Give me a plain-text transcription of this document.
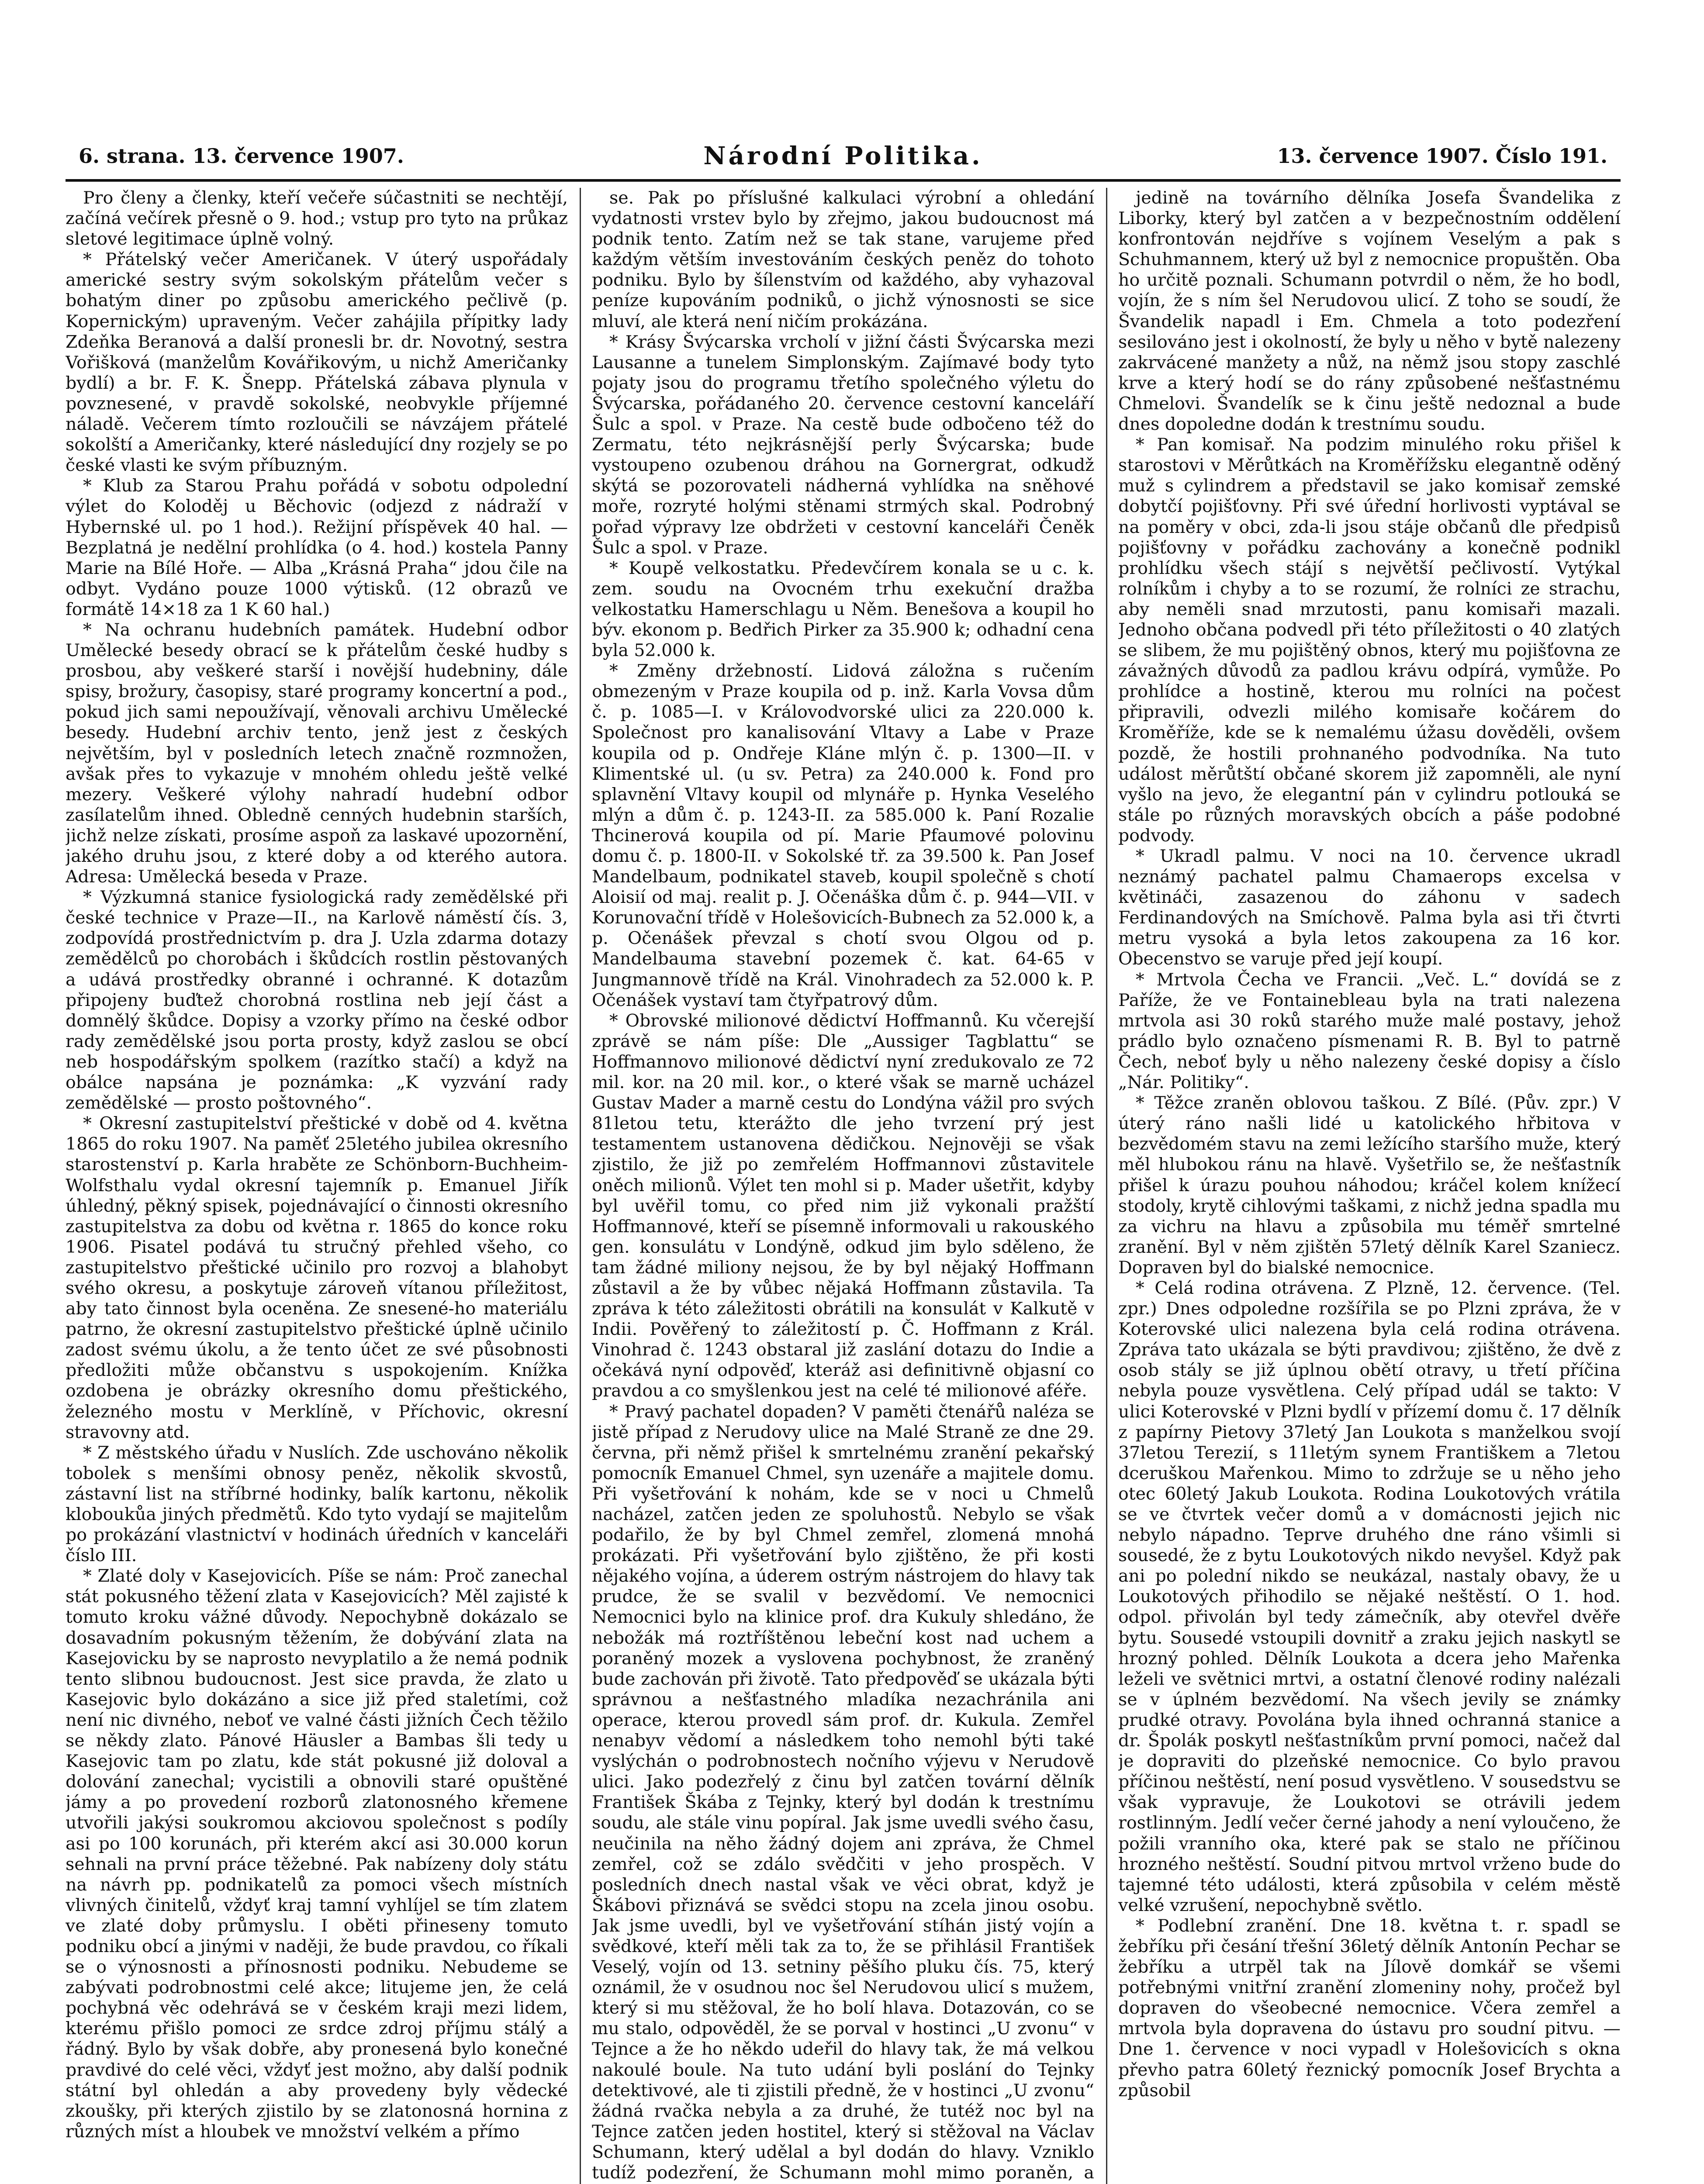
6. strana. 13. července 1907.	Národní Politika.	13. července 1907. Číslo 191.

Pro členy a členky, kteří večeře súčastniti se nechtějí, začíná večírek přesně o 9. hod.; vstup pro tyto na průkaz sletové legitimace úplně volný.

* Přátelský večer Američanek. V úterý uspořádaly americké sestry svým sokolským přátelům večer s bohatým diner po způsobu amerického pečlivě (p. Kopernickým) upraveným. Večer zahájila přípitky lady Zdeňka Beranová a další pronesli br. dr. Novotný, sestra Vořišková (manželům Kovářikovým, u nichž Američanky bydlí) a br. F. K. Šnepp. Přátelská zábava plynula v povznesené, v pravdě sokolské, neobvykle příjemné náladě. Večerem tímto rozloučili se návzájem přátelé sokolští a Američanky, které následující dny rozjely se po české vlasti ke svým příbuzným.

* Klub za Starou Prahu pořádá v sobotu odpolední výlet do Koloděj u Běchovic (odjezd z nádraží v Hybernské ul. po 1 hod.). Režijní příspěvek 40 hal. — Bezplatná je nedělní prohlídka (o 4. hod.) kostela Panny Marie na Bílé Hoře. — Alba „Krásná Praha“ jdou čile na odbyt. Vydáno pouze 1000 výtisků. (12 obrazů ve formátě 14×18 za 1 K 60 hal.)

* Na ochranu hudebních památek. Hudební odbor Umělecké besedy obrací se k přátelům české hudby s prosbou, aby veškeré starší i novější hudebniny, dále spisy, brožury, časopisy, staré programy koncertní a pod., pokud jich sami nepoužívají, věnovali archivu Umělecké besedy. Hudební archiv tento, jenž jest z českých největším, byl v posledních letech značně rozmnožen, avšak přes to vykazuje v mnohém ohledu ještě velké mezery. Veškeré výlohy nahradí hudební odbor zasílatelům ihned. Obledně cenných hudebnin starších, jichž nelze získati, prosíme aspoň za laskavé upozornění, jakého druhu jsou, z které doby a od kterého autora. Adresa: Umělecká beseda v Praze.

* Výzkumná stanice fysiologická rady zemědělské při české technice v Praze—II., na Karlově náměstí čís. 3, zodpovídá prostřednictvím p. dra J. Uzla zdarma dotazy zemědělců po chorobách i škůdcích rostlin pěstovaných a udává prostředky obranné i ochranné. K dotazům připojeny buďtež chorobná rostlina neb její část a domnělý škůdce. Dopisy a vzorky přímo na české odbor rady zemědělské jsou porta prosty, když zaslou se obcí neb hospodářským spolkem (razítko stačí) a když na obálce napsána je poznámka: „K vyzvání rady zemědělské — prosto poštovného“.

* Okresní zastupitelství přeštické v době od 4. května 1865 do roku 1907. Na paměť 25letého jubilea okresního starostenství p. Karla hraběte ze Schönborn-Buchheim-Wolfsthalu vydal okresní tajemník p. Emanuel Jiřík úhledný, pěkný spisek, pojednávající o činnosti okresního zastupitelstva za dobu od května r. 1865 do konce roku 1906. Pisatel podává tu stručný přehled všeho, co zastupitelstvo přeštické učinilo pro rozvoj a blahobyt svého okresu, a poskytuje zároveň vítanou příležitost, aby tato činnost byla oceněna. Ze snesené-ho materiálu patrno, že okresní zastupitelstvo přeštické úplně učinilo zadost svému úkolu, a že tento účet ze své působnosti předložiti může občanstvu s uspokojením. Knížka ozdobena je obrázky okresního domu přeštického, železného mostu v Merklíně, v Příchovic, okresní stravovny atd.

* Z městského úřadu v Nuslích. Zde uschováno několik tobolek s menšími obnosy peněz, několik skvostů, zástavní list na stříbrné hodinky, balík kartonu, několik kloboukůa jiných předmětů. Kdo tyto vydají se majitelům po prokázání vlastnictví v hodinách úředních v kanceláři číslo III.

* Zlaté doly v Kasejovicích. Píše se nám: Proč zanechal stát pokusného těžení zlata v Kasejovicích? Měl zajisté k tomuto kroku vážné důvody. Nepochybně dokázalo se dosavadním pokusným těžením, že dobývání zlata na Kasejovicku by se naprosto nevyplatilo a že nemá podnik tento slibnou budoucnost. Jest sice pravda, že zlato u Kasejovic bylo dokázáno a sice již před staletími, což není nic divného, neboť ve valné části jižních Čech těžilo se někdy zlato. Pánové Häusler a Bambas šli tedy u Kasejovic tam po zlatu, kde stát pokusné již doloval a dolování zanechal; vycistili a obnovili staré opuštěné jámy a po provedení rozborů zlatonosného křemene utvořili jakýsi soukromou akciovou společnost s podíly asi po 100 korunách, při kterém akcí asi 30.000 korun sehnali na první práce těžebné. Pak nabízeny doly státu na návrh pp. podnikatelů za pomoci všech místních vlivných činitelů, vždyť kraj tamní vyhlíjel se tím zlatem ve zlaté doby průmyslu. I oběti přineseny tomuto podniku obcí a jinými v naději, že bude pravdou, co říkali se o výnosnosti a přínosnosti podniku. Nebudeme se zabývati podrobnostmi celé akce; litujeme jen, že celá pochybná věc odehrává se v českém kraji mezi lidem, kterému přišlo pomoci ze srdce zdroj příjmu stálý a řádný. Bylo by však dobře, aby pronesená bylo konečné pravdivé do celé věci, vždyť jest možno, aby další podnik státní byl ohledán a aby provedeny byly vědecké zkoušky, při kterých zjistilo by se zlatonosná hornina z různých míst a hloubek ve množství velkém a přímo

se. Pak po příslušné kalkulaci výrobní a ohledání vydatnosti vrstev bylo by zřejmo, jakou budoucnost má podnik tento. Zatím než se tak stane, varujeme před každým větším investováním českých peněz do tohoto podniku. Bylo by šílenstvím od každého, aby vyhazoval peníze kupováním podniků, o jichž výnosnosti se sice mluví, ale která není ničím prokázána.

* Krásy Švýcarska vrcholí v jižní části Švýcarska mezi Lausanne a tunelem Simplonským. Zajímavé body tyto pojaty jsou do programu třetího společného výletu do Švýcarska, pořádaného 20. července cestovní kanceláří Šulc a spol. v Praze. Na cestě bude odbočeno též do Zermatu, této nejkrásnější perly Švýcarska; bude vystoupeno ozubenou dráhou na Gornergrat, odkudž skýtá se pozorovateli nádherná vyhlídka na sněhové moře, rozryté holými stěnami strmých skal. Podrobný pořad výpravy lze obdržeti v cestovní kanceláři Čeněk Šulc a spol. v Praze.

* Koupě velkostatku. Předevčírem konala se u c. k. zem. soudu na Ovocném trhu exekuční dražba velkostatku Hamerschlagu u Něm. Benešova a koupil ho býv. ekonom p. Bedřich Pirker za 35.900 k; odhadní cena byla 52.000 k.

* Změny držebností. Lidová záložna s ručením obmezeným v Praze koupila od p. inž. Karla Vovsa dům č. p. 1085—I. v Královodvorské ulici za 220.000 k. Společnost pro kanalisování Vltavy a Labe v Praze koupila od p. Ondřeje Kláne mlýn č. p. 1300—II. v Klimentské ul. (u sv. Petra) za 240.000 k. Fond pro splavnění Vltavy koupil od mlynáře p. Hynka Veselého mlýn a dům č. p. 1243-II. za 585.000 k. Paní Rozalie Thcinerová koupila od pí. Marie Pfaumové polovinu domu č. p. 1800-II. v Sokolské tř. za 39.500 k. Pan Josef Mandelbaum, podnikatel staveb, koupil společně s chotí Aloisií od maj. realit p. J. Očenáška dům č. p. 944—VII. v Korunovační třídě v Holešovicích-Bubnech za 52.000 k, a p. Očenášek převzal s chotí svou Olgou od p. Mandelbauma stavební pozemek č. kat. 64-65 v Jungmannově třídě na Král. Vinohradech za 52.000 k. P. Očenášek vystaví tam čtyřpatrový dům.

* Obrovské milionové dědictví Hoffmannů. Ku včerejší zprávě se nám píše: Dle „Aussiger Tagblattu“ se Hoffmannovo milionové dědictví nyní zredukovalo ze 72 mil. kor. na 20 mil. kor., o které však se marně ucházel Gustav Mader a marně cestu do Londýna vážil pro svých 81letou tetu, kterážto dle jeho tvrzení prý jest testamentem ustanovena dědičkou. Nejnověji se však zjistilo, že již po zemřelém Hoffmannovi zůstavitele oněch milionů. Výlet ten mohl si p. Mader ušetřit, kdyby byl uvěřil tomu, co před nim již vykonali pražští Hoffmannové, kteří se písemně informovali u rakouského gen. konsulátu v Londýně, odkud jim bylo sděleno, že tam žádné miliony nejsou, že by byl nějaký Hoffmann zůstavil a že by vůbec nějaká Hoffmann zůstavila. Ta zpráva k této záležitosti obrátili na konsulát v Kalkutě v Indii. Pověřený to záležitostí p. Č. Hoffmann z Král. Vinohrad č. 1243 obstaral již zaslání dotazu do Indie a očekává nyní odpověď, kteráž asi definitivně objasní co pravdou a co smyšlenkou jest na celé té milionové aféře.

* Pravý pachatel dopaden? V paměti čtenářů naléza se jistě případ z Nerudovy ulice na Malé Straně ze dne 29. června, při němž přišel k smrtelnému zranění pekařský pomocník Emanuel Chmel, syn uzenáře a majitele domu. Při vyšetřování k nohám, kde se v noci u Chmelů nacházel, zatčen jeden ze spoluhostů. Nebylo se však podařilo, že by byl Chmel zemřel, zlomená mnohá prokázati. Při vyšetřování bylo zjištěno, že při kosti nějakého vojína, a úderem ostrým nástrojem do hlavy tak prudce, že se svalil v bezvědomí. Ve nemocnici Nemocnici bylo na klinice prof. dra Kukuly shledáno, že nebožák má roztříštěnou lebeční kost nad uchem a poraněný mozek a vyslovena pochybnost, že zraněný bude zachován při životě. Tato předpověď se ukázala býti správnou a nešťastného mladíka nezachránila ani operace, kterou provedl sám prof. dr. Kukula. Zemřel nenabyv vědomí a následkem toho nemohl býti také vyslýchán o podrobnostech nočního výjevu v Nerudově ulici. Jako podezřelý z činu byl zatčen tovární dělník František Škába z Tejnky, který byl dodán k trestnímu soudu, ale stále vinu popíral. Jak jsme uvedli svého času, neučinila na něho žádný dojem ani zpráva, že Chmel zemřel, což se zdálo svědčiti v jeho prospěch. V posledních dnech nastal však ve věci obrat, když je Škábovi přiznává se svědci stopu na zcela jinou osobu. Jak jsme uvedli, byl ve vyšetřování stíhán jistý vojín a svědkové, kteří měli tak za to, že se přihlásil František Veselý, vojín od 13. setniny pěšího pluku čís. 75, který oznámil, že v osudnou noc šel Nerudovou ulicí s mužem, který si mu stěžoval, že ho bolí hlava. Dotazován, co se mu stalo, odpověděl, že se porval v hostinci „U zvonu“ v Tejnce a že ho někdo udeřil do hlavy tak, že má velkou nakoulé boule. Na tuto udání byli poslání do Tejnky detektivové, ale ti zjistili předně, že v hostinci „U zvonu“ žádná rvačka nebyla a za druhé, že tutéž noc byl na Tejnce zatčen jeden hostitel, který si stěžoval na Václav Schumann, který udělal a byl dodán do hlavy. Vzniklo tudíž podezření, že Schumann mohl mimo poraněn, a

jedině na továrního dělníka Josefa Švandelika z Liborky, který byl zatčen a v bezpečnostním oddělení konfrontován nejdříve s vojínem Veselým a pak s Schuhmannem, který už byl z nemocnice propuštěn. Oba ho určitě poznali. Schumann potvrdil o něm, že ho bodl, vojín, že s ním šel Nerudovou ulicí. Z toho se soudí, že Švandelik napadl i Em. Chmela a toto podezření sesilováno jest i okolností, že byly u něho v bytě nalezeny zakrvácené manžety a nůž, na němž jsou stopy zaschlé krve a který hodí se do rány způsobené nešťastnému Chmelovi. Švandelík se k činu ještě nedoznal a bude dnes dopoledne dodán k trestnímu soudu.

* Pan komisař. Na podzim minulého roku přišel k starostovi v Měrůtkách na Kroměřížsku elegantně oděný muž s cylindrem a představil se jako komisař zemské dobytčí pojišťovny. Při své úřední horlivosti vyptával se na poměry v obci, zda-li jsou stáje občanů dle předpisů pojišťovny v pořádku zachovány a konečně podnikl prohlídku všech stájí s největší pečlivostí. Vytýkal rolníkům i chyby a to se rozumí, že rolníci ze strachu, aby neměli snad mrzutosti, panu komisaři mazali. Jednoho občana podvedl při této příležitosti o 40 zlatých se slibem, že mu pojištěný obnos, který mu pojišťovna ze závažných důvodů za padlou krávu odpírá, vymůže. Po prohlídce a hostině, kterou mu rolníci na počest připravili, odvezli milého komisaře kočárem do Kroměříže, kde se k nemalému úžasu dověděli, ovšem pozdě, že hostili prohnaného podvodníka. Na tuto událost měrůtští občané skorem již zapomněli, ale nyní vyšlo na jevo, že elegantní pán v cylindru potlouká se stále po různých moravských obcích a páše podobné podvody.

* Ukradl palmu. V noci na 10. července ukradl neznámý pachatel palmu Chamaerops excelsa v květináči, zasazenou do záhonu v sadech Ferdinandových na Smíchově. Palma byla asi tři čtvrti metru vysoká a byla letos zakoupena za 16 kor. Obecenstvo se varuje před její koupí.

* Mrtvola Čecha ve Francii. „Več. L.“ dovídá se z Paříže, že ve Fontainebleau byla na trati nalezena mrtvola asi 30 roků starého muže malé postavy, jehož prádlo bylo označeno písmenami R. B. Byl to patrně Čech, neboť byly u něho nalezeny české dopisy a číslo „Nár. Politiky“.

* Těžce zraněn oblovou taškou. Z Bílé. (Pův. zpr.) V úterý ráno našli lidé u katolického hřbitova v bezvědomém stavu na zemi ležícího staršího muže, který měl hlubokou ránu na hlavě. Vyšetřilo se, že nešťastník přišel k úrazu pouhou náhodou; kráčel kolem knížecí stodoly, krytě cihlovými taškami, z nichž jedna spadla mu za vichru na hlavu a způsobila mu téměř smrtelné zranění. Byl v něm zjištěn 57letý dělník Karel Szaniecz. Dopraven byl do bialské nemocnice.

* Celá rodina otrávena. Z Plzně, 12. července. (Tel. zpr.) Dnes odpoledne rozšířila se po Plzni zpráva, že v Koterovské ulici nalezena byla celá rodina otrávena. Zpráva tato ukázala se býti pravdivou; zjištěno, že dvě z osob stály se již úplnou obětí otravy, u třetí příčina nebyla pouze vysvětlena. Celý případ udál se takto: V ulici Koterovské v Plzni bydlí v přízemí domu č. 17 dělník z papírny Pietovy 37letý Jan Loukota s manželkou svojí 37letou Terezií, s 11letým synem Františkem a 7letou dceruškou Mařenkou. Mimo to zdržuje se u něho jeho otec 60letý Jakub Loukota. Rodina Loukotových vrátila se ve čtvrtek večer domů a v domácnosti jejich nic nebylo nápadno. Teprve druhého dne ráno všimli si sousedé, že z bytu Loukotových nikdo nevyšel. Když pak ani po polední nikdo se neukázal, nastaly obavy, že u Loukotových přihodilo se nějaké neštěstí. O 1. hod. odpol. přivolán byl tedy zámečník, aby otevřel dvěře bytu. Sousedé vstoupili dovnitř a zraku jejich naskytl se hrozný pohled. Dělník Loukota a dcera jeho Mařenka leželi ve světnici mrtvi, a ostatní členové rodiny nalézali se v úplném bezvědomí. Na všech jevily se známky prudké otravy. Povolána byla ihned ochranná stanice a dr. Špolák poskytl nešťastníkům první pomoci, načež dal je dopraviti do plzeňské nemocnice. Co bylo pravou příčinou neštěstí, není posud vysvětleno. V sousedstvu se však vypravuje, že Loukotovi se otrávili jedem rostlinným. Jedlí večer černé jahody a není vyloučeno, že požili vranního oka, které pak se stalo ne příčinou hrozného neštěstí. Soudní pitvou mrtvol vrženo bude do tajemné této události, která způsobila v celém městě velké vzrušení, nepochybně světlo.

* Podlební zranění. Dne 18. května t. r. spadl se žebříku při česání třešní 36letý dělník Antonín Pechar se žebříku a utrpěl tak na Jílově domkář se všemi potřebnými vnitřní zranění zlomeniny nohy, pročež byl dopraven do všeobecné nemocnice. Včera zemřel a mrtvola byla dopravena do ústavu pro soudní pitvu. — Dne 1. července v noci vypadl v Holešovicích s okna převho patra 60letý řeznický pomocník Josef Brychta a způsobil
